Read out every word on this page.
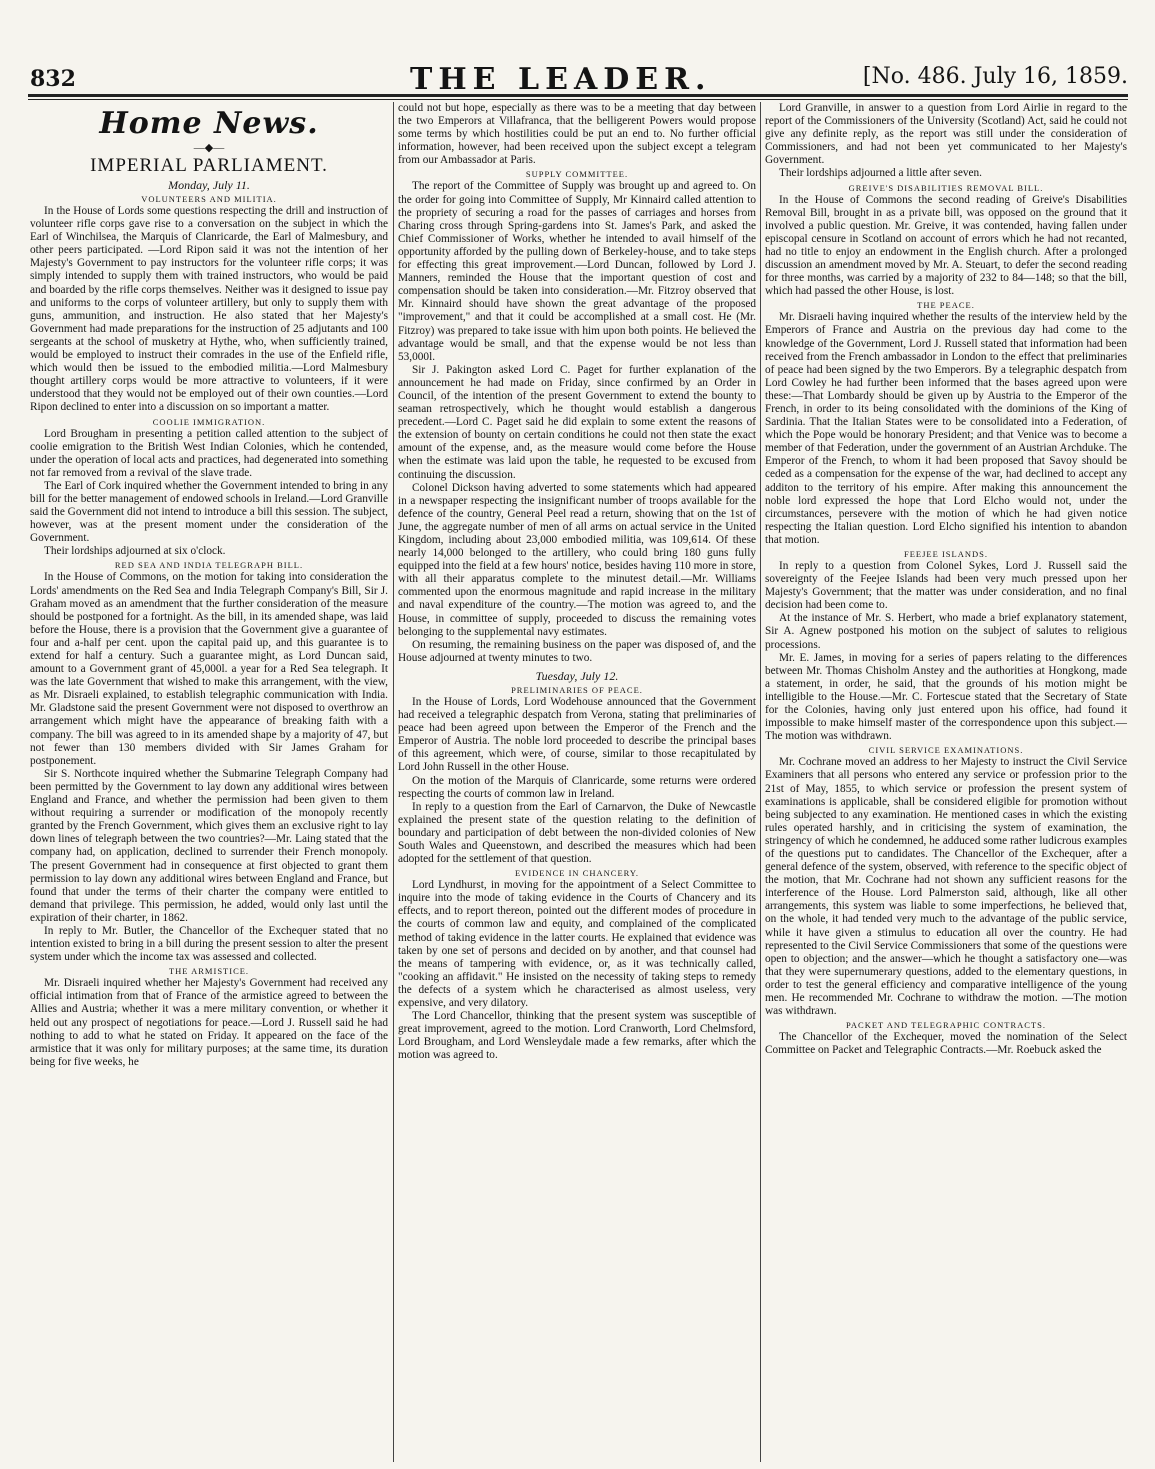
832	THE LEADER.	[No. 486. July 16, 1859.
Home News.
—◆—
IMPERIAL PARLIAMENT.
Monday, July 11.
VOLUNTEERS AND MILITIA.

In the House of Lords some questions respecting the drill and instruction of volunteer rifle corps gave rise to a conversation on the subject in which the Earl of Winchilsea, the Marquis of Clanricarde, the Earl of Malmesbury, and other peers participated. —Lord Ripon said it was not the intention of her Majesty's Government to pay instructors for the volunteer rifle corps; it was simply intended to supply them with trained instructors, who would be paid and boarded by the rifle corps themselves. Neither was it designed to issue pay and uniforms to the corps of volunteer artillery, but only to supply them with guns, ammunition, and instruction. He also stated that her Majesty's Government had made preparations for the instruction of 25 adjutants and 100 sergeants at the school of musketry at Hythe, who, when sufficiently trained, would be employed to instruct their comrades in the use of the Enfield rifle, which would then be issued to the embodied militia.—Lord Malmesbury thought artillery corps would be more attractive to volunteers, if it were understood that they would not be employed out of their own counties.—Lord Ripon declined to enter into a discussion on so important a matter.

COOLIE IMMIGRATION.

Lord Brougham in presenting a petition called attention to the subject of coolie emigration to the British West Indian Colonies, which he contended, under the operation of local acts and practices, had degenerated into something not far removed from a revival of the slave trade.

The Earl of Cork inquired whether the Government intended to bring in any bill for the better management of endowed schools in Ireland.—Lord Granville said the Government did not intend to introduce a bill this session. The subject, however, was at the present moment under the consideration of the Government.

Their lordships adjourned at six o'clock.

RED SEA AND INDIA TELEGRAPH BILL.

In the House of Commons, on the motion for taking into consideration the Lords' amendments on the Red Sea and India Telegraph Company's Bill, Sir J. Graham moved as an amendment that the further consideration of the measure should be postponed for a fortnight. As the bill, in its amended shape, was laid before the House, there is a provision that the Government give a guarantee of four and a-half per cent. upon the capital paid up, and this guarantee is to extend for half a century. Such a guarantee might, as Lord Duncan said, amount to a Government grant of 45,000l. a year for a Red Sea telegraph. It was the late Government that wished to make this arrangement, with the view, as Mr. Disraeli explained, to establish telegraphic communication with India. Mr. Gladstone said the present Government were not disposed to overthrow an arrangement which might have the appearance of breaking faith with a company. The bill was agreed to in its amended shape by a majority of 47, but not fewer than 130 members divided with Sir James Graham for postponement.

Sir S. Northcote inquired whether the Submarine Telegraph Company had been permitted by the Government to lay down any additional wires between England and France, and whether the permission had been given to them without requiring a surrender or modification of the monopoly recently granted by the French Government, which gives them an exclusive right to lay down lines of telegraph between the two countries?—Mr. Laing stated that the company had, on application, declined to surrender their French monopoly. The present Government had in consequence at first objected to grant them permission to lay down any additional wires between England and France, but found that under the terms of their charter the company were entitled to demand that privilege. This permission, he added, would only last until the expiration of their charter, in 1862.

In reply to Mr. Butler, the Chancellor of the Exchequer stated that no intention existed to bring in a bill during the present session to alter the present system under which the income tax was assessed and collected.

THE ARMISTICE.

Mr. Disraeli inquired whether her Majesty's Government had received any official intimation from that of France of the armistice agreed to between the Allies and Austria; whether it was a mere military convention, or whether it held out any prospect of negotiations for peace.—Lord J. Russell said he had nothing to add to what he stated on Friday. It appeared on the face of the armistice that it was only for military purposes; at the same time, its duration being for five weeks, he

could not but hope, especially as there was to be a meeting that day between the two Emperors at Villafranca, that the belligerent Powers would propose some terms by which hostilities could be put an end to. No further official information, however, had been received upon the subject except a telegram from our Ambassador at Paris.

SUPPLY COMMITTEE.

The report of the Committee of Supply was brought up and agreed to. On the order for going into Committee of Supply, Mr Kinnaird called attention to the propriety of securing a road for the passes of carriages and horses from Charing cross through Spring-gardens into St. James's Park, and asked the Chief Commissioner of Works, whether he intended to avail himself of the opportunity afforded by the pulling down of Berkeley-house, and to take steps for effecting this great improvement.—Lord Duncan, followed by Lord J. Manners, reminded the House that the important question of cost and compensation should be taken into consideration.—Mr. Fitzroy observed that Mr. Kinnaird should have shown the great advantage of the proposed "improvement," and that it could be accomplished at a small cost. He (Mr. Fitzroy) was prepared to take issue with him upon both points. He believed the advantage would be small, and that the expense would be not less than 53,000l.

Sir J. Pakington asked Lord C. Paget for further explanation of the announcement he had made on Friday, since confirmed by an Order in Council, of the intention of the present Government to extend the bounty to seaman retrospectively, which he thought would establish a dangerous precedent.—Lord C. Paget said he did explain to some extent the reasons of the extension of bounty on certain conditions he could not then state the exact amount of the expense, and, as the measure would come before the House when the estimate was laid upon the table, he requested to be excused from continuing the discussion.

Colonel Dickson having adverted to some statements which had appeared in a newspaper respecting the insignificant number of troops available for the defence of the country, General Peel read a return, showing that on the 1st of June, the aggregate number of men of all arms on actual service in the United Kingdom, including about 23,000 embodied militia, was 109,614. Of these nearly 14,000 belonged to the artillery, who could bring 180 guns fully equipped into the field at a few hours' notice, besides having 110 more in store, with all their apparatus complete to the minutest detail.—Mr. Williams commented upon the enormous magnitude and rapid increase in the military and naval expenditure of the country.—The motion was agreed to, and the House, in committee of supply, proceeded to discuss the remaining votes belonging to the supplemental navy estimates.

On resuming, the remaining business on the paper was disposed of, and the House adjourned at twenty minutes to two.

Tuesday, July 12.
PRELIMINARIES OF PEACE.

In the House of Lords, Lord Wodehouse announced that the Government had received a telegraphic despatch from Verona, stating that preliminaries of peace had been agreed upon between the Emperor of the French and the Emperor of Austria. The noble lord proceeded to describe the principal bases of this agreement, which were, of course, similar to those recapitulated by Lord John Russell in the other House.

On the motion of the Marquis of Clanricarde, some returns were ordered respecting the courts of common law in Ireland.

In reply to a question from the Earl of Carnarvon, the Duke of Newcastle explained the present state of the question relating to the definition of boundary and participation of debt between the non-divided colonies of New South Wales and Queenstown, and described the measures which had been adopted for the settlement of that question.

EVIDENCE IN CHANCERY.

Lord Lyndhurst, in moving for the appointment of a Select Committee to inquire into the mode of taking evidence in the Courts of Chancery and its effects, and to report thereon, pointed out the different modes of procedure in the courts of common law and equity, and complained of the complicated method of taking evidence in the latter courts. He explained that evidence was taken by one set of persons and decided on by another, and that counsel had the means of tampering with evidence, or, as it was technically called, "cooking an affidavit." He insisted on the necessity of taking steps to remedy the defects of a system which he characterised as almost useless, very expensive, and very dilatory.

The Lord Chancellor, thinking that the present system was susceptible of great improvement, agreed to the motion. Lord Cranworth, Lord Chelmsford, Lord Brougham, and Lord Wensleydale made a few remarks, after which the motion was agreed to.

Lord Granville, in answer to a question from Lord Airlie in regard to the report of the Commissioners of the University (Scotland) Act, said he could not give any definite reply, as the report was still under the consideration of Commissioners, and had not been yet communicated to her Majesty's Government.

Their lordships adjourned a little after seven.

GREIVE'S DISABILITIES REMOVAL BILL.

In the House of Commons the second reading of Greive's Disabilities Removal Bill, brought in as a private bill, was opposed on the ground that it involved a public question. Mr. Greive, it was contended, having fallen under episcopal censure in Scotland on account of errors which he had not recanted, had no title to enjoy an endowment in the English church. After a prolonged discussion an amendment moved by Mr. A. Steuart, to defer the second reading for three months, was carried by a majority of 232 to 84—148; so that the bill, which had passed the other House, is lost.

THE PEACE.

Mr. Disraeli having inquired whether the results of the interview held by the Emperors of France and Austria on the previous day had come to the knowledge of the Government, Lord J. Russell stated that information had been received from the French ambassador in London to the effect that preliminaries of peace had been signed by the two Emperors. By a telegraphic despatch from Lord Cowley he had further been informed that the bases agreed upon were these:—That Lombardy should be given up by Austria to the Emperor of the French, in order to its being consolidated with the dominions of the King of Sardinia. That the Italian States were to be consolidated into a Federation, of which the Pope would be honorary President; and that Venice was to become a member of that Federation, under the government of an Austrian Archduke. The Emperor of the French, to whom it had been proposed that Savoy should be ceded as a compensation for the expense of the war, had declined to accept any additon to the territory of his empire. After making this announcement the noble lord expressed the hope that Lord Elcho would not, under the circumstances, persevere with the motion of which he had given notice respecting the Italian question. Lord Elcho signified his intention to abandon that motion.

FEEJEE ISLANDS.

In reply to a question from Colonel Sykes, Lord J. Russell said the sovereignty of the Feejee Islands had been very much pressed upon her Majesty's Government; that the matter was under consideration, and no final decision had been come to.

At the instance of Mr. S. Herbert, who made a brief explanatory statement, Sir A. Agnew postponed his motion on the subject of salutes to religious processions.

Mr. E. James, in moving for a series of papers relating to the differences between Mr. Thomas Chisholm Anstey and the authorities at Hongkong, made a statement, in order, he said, that the grounds of his motion might be intelligible to the House.—Mr. C. Fortescue stated that the Secretary of State for the Colonies, having only just entered upon his office, had found it impossible to make himself master of the correspondence upon this subject.—The motion was withdrawn.

CIVIL SERVICE EXAMINATIONS.

Mr. Cochrane moved an address to her Majesty to instruct the Civil Service Examiners that all persons who entered any service or profession prior to the 21st of May, 1855, to which service or profession the present system of examinations is applicable, shall be considered eligible for promotion without being subjected to any examination. He mentioned cases in which the existing rules operated harshly, and in criticising the system of examination, the stringency of which he condemned, he adduced some rather ludicrous examples of the questions put to candidates. The Chancellor of the Exchequer, after a general defence of the system, observed, with reference to the specific object of the motion, that Mr. Cochrane had not shown any sufficient reasons for the interference of the House. Lord Palmerston said, although, like all other arrangements, this system was liable to some imperfections, he believed that, on the whole, it had tended very much to the advantage of the public service, while it have given a stimulus to education all over the country. He had represented to the Civil Service Commissioners that some of the questions were open to objection; and the answer—which he thought a satisfactory one—was that they were supernumerary questions, added to the elementary questions, in order to test the general efficiency and comparative intelligence of the young men. He recommended Mr. Cochrane to withdraw the motion. —The motion was withdrawn.

PACKET AND TELEGRAPHIC CONTRACTS.

The Chancellor of the Exchequer, moved the nomination of the Select Committee on Packet and Telegraphic Contracts.—Mr. Roebuck asked the
